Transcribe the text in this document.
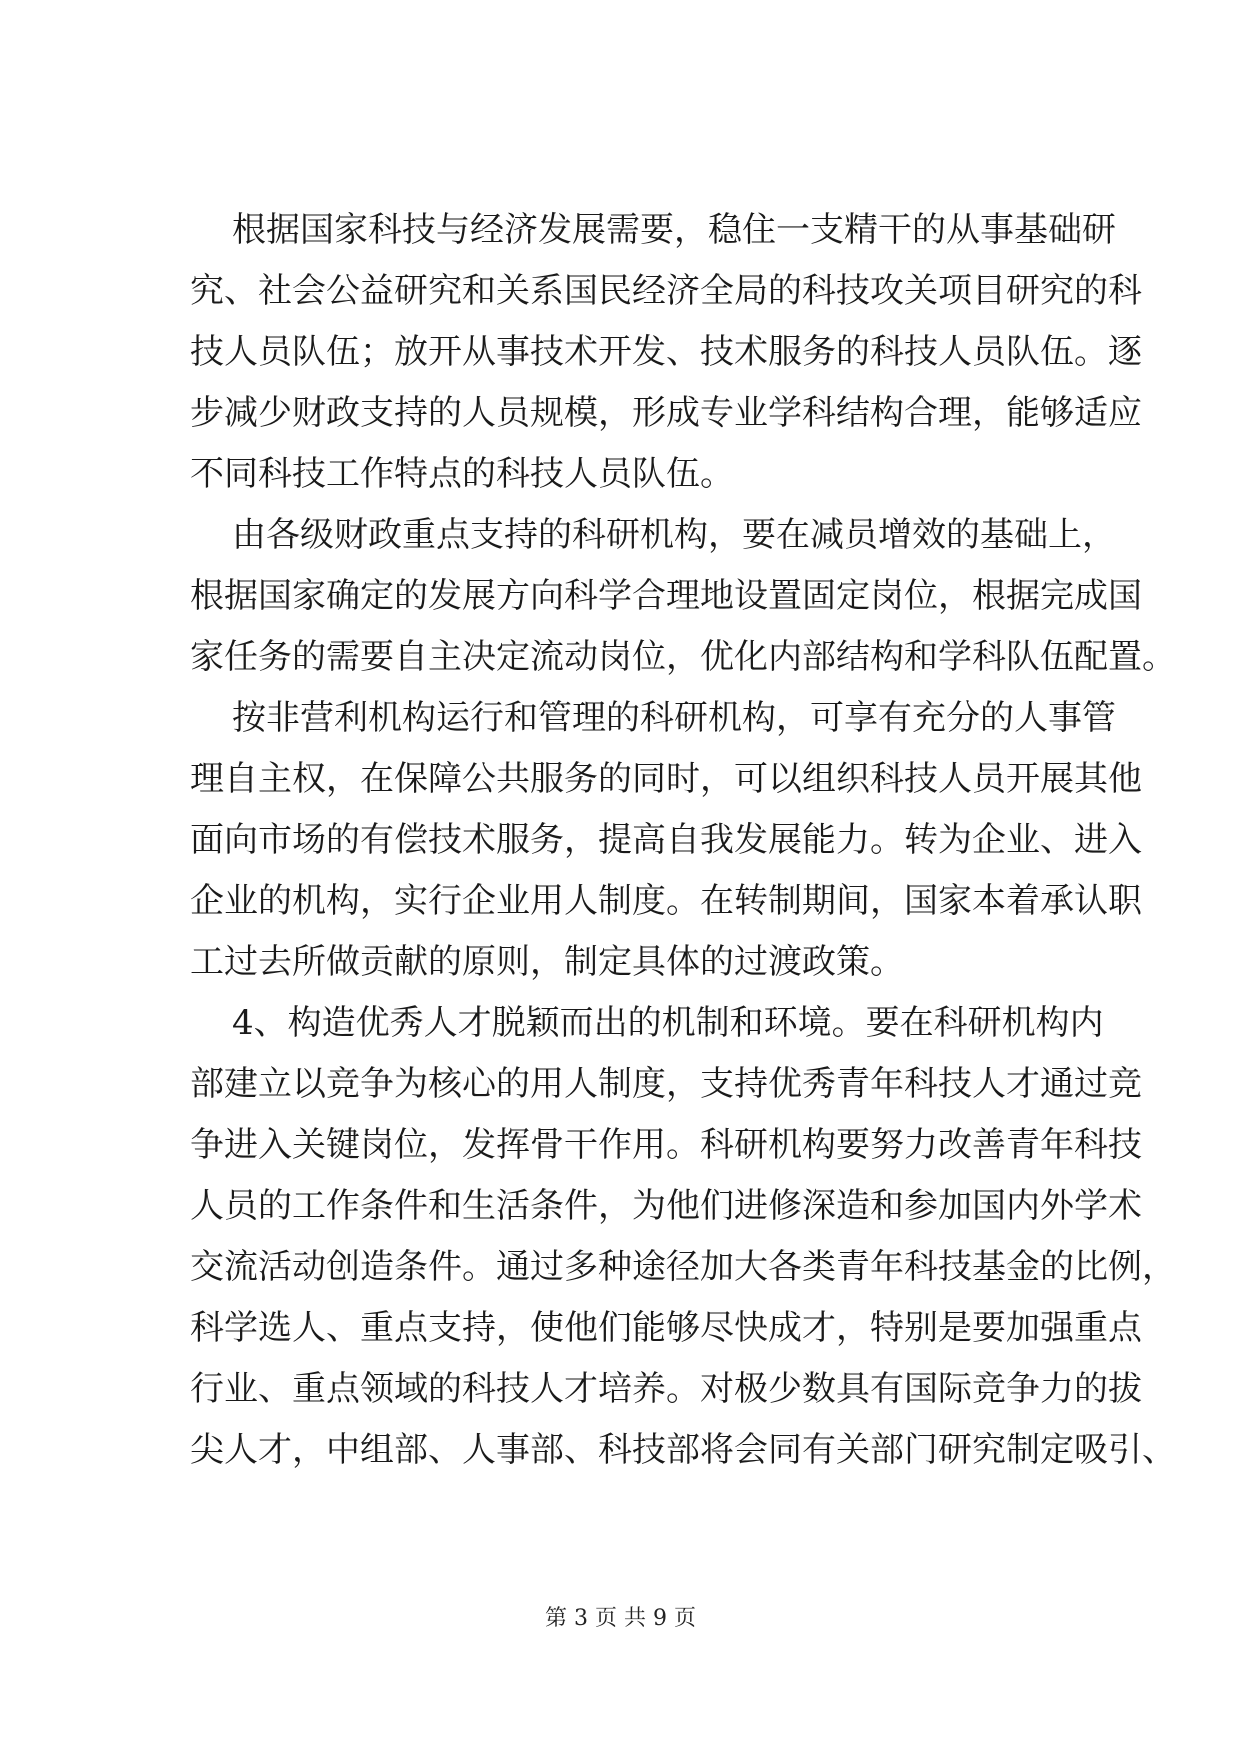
根据国家科技与经济发展需要，稳住一支精干的从事基础研
究、社会公益研究和关系国民经济全局的科技攻关项目研究的科
技人员队伍；放开从事技术开发、技术服务的科技人员队伍。逐
步减少财政支持的人员规模，形成专业学科结构合理，能够适应
不同科技工作特点的科技人员队伍。
由各级财政重点支持的科研机构，要在减员增效的基础上，
根据国家确定的发展方向科学合理地设置固定岗位，根据完成国
家任务的需要自主决定流动岗位，优化内部结构和学科队伍配置。
按非营利机构运行和管理的科研机构，可享有充分的人事管
理自主权，在保障公共服务的同时，可以组织科技人员开展其他
面向市场的有偿技术服务，提高自我发展能力。转为企业、进入
企业的机构，实行企业用人制度。在转制期间，国家本着承认职
工过去所做贡献的原则，制定具体的过渡政策。
4、构造优秀人才脱颖而出的机制和环境。要在科研机构内
部建立以竞争为核心的用人制度，支持优秀青年科技人才通过竞
争进入关键岗位，发挥骨干作用。科研机构要努力改善青年科技
人员的工作条件和生活条件，为他们进修深造和参加国内外学术
交流活动创造条件。通过多种途径加大各类青年科技基金的比例，
科学选人、重点支持，使他们能够尽快成才，特别是要加强重点
行业、重点领域的科技人才培养。对极少数具有国际竞争力的拔
尖人才，中组部、人事部、科技部将会同有关部门研究制定吸引、
第 3 页 共 9 页
